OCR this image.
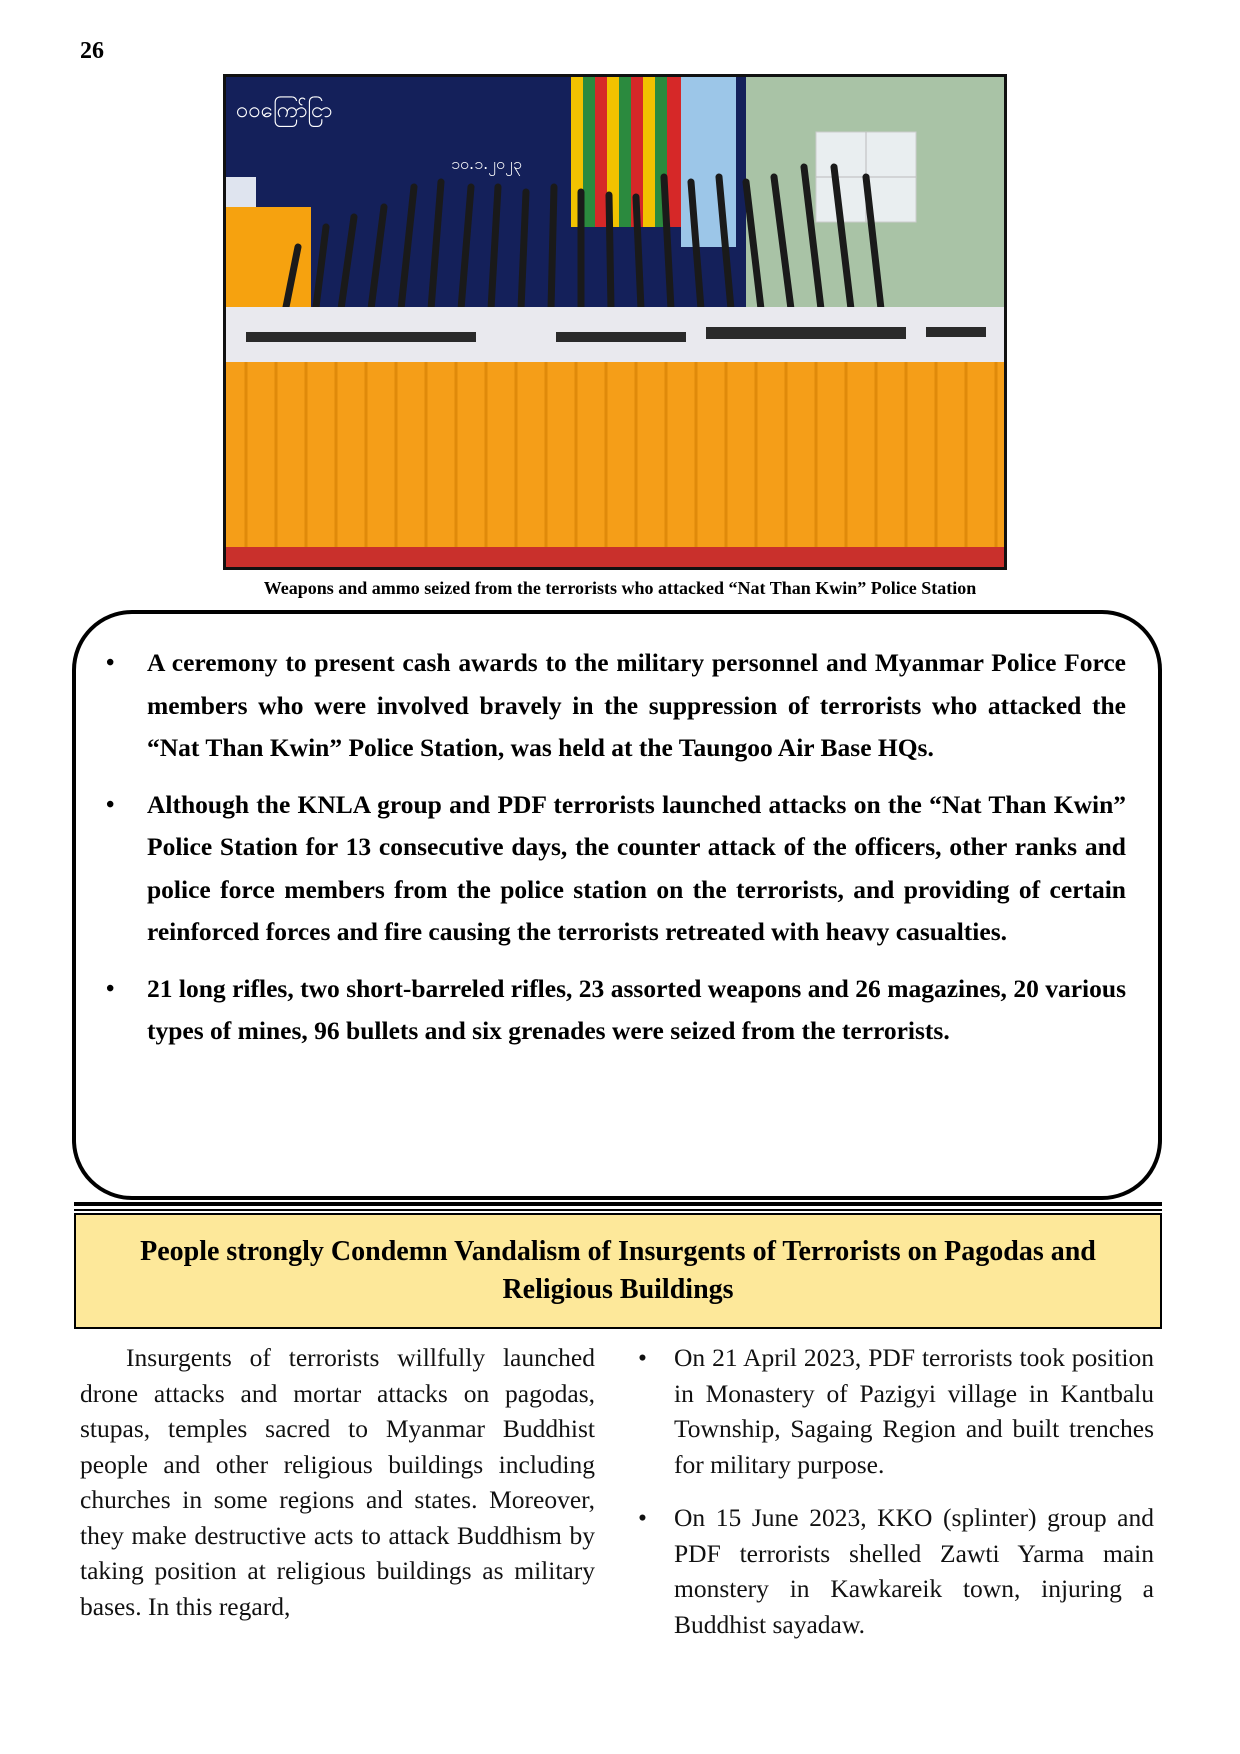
26
ဝ၀ကြော်ငြာ
၁၀.၁.၂၀၂၃
Weapons and ammo seized from the terrorists who attacked “Nat Than Kwin” Police Station
• A ceremony to present cash awards to the military personnel and Myanmar Police Force members who were involved bravely in the suppression of terrorists who attacked the “Nat Than Kwin” Police Station, was held at the Taungoo Air Base HQs.
• Although the KNLA group and PDF terrorists launched attacks on the “Nat Than Kwin” Police Station for 13 consecutive days, the counter attack of the officers, other ranks and police force members from the police station on the terrorists, and providing of certain reinforced forces and fire causing the terrorists retreated with heavy casualties.
• 21 long rifles, two short-barreled rifles, 23 assorted weapons and 26 magazines, 20 various types of mines, 96 bullets and six grenades were seized from the terrorists.
People strongly Condemn Vandalism of Insurgents of Terrorists on Pagodas and Religious Buildings
Insurgents of terrorists willfully launched drone attacks and mortar attacks on pagodas, stupas, temples sacred to Myanmar Buddhist people and other religious buildings including churches in some regions and states. Moreover, they make destructive acts to attack Buddhism by taking position at religious buildings as military bases. In this regard,
• On 21 April 2023, PDF terrorists took position in Monastery of Pazigyi village in Kantbalu Township, Sagaing Region and built trenches for military purpose.
• On 15 June 2023, KKO (splinter) group and PDF terrorists shelled Zawti Yarma main monstery in Kawkareik town, injuring a Buddhist sayadaw.
